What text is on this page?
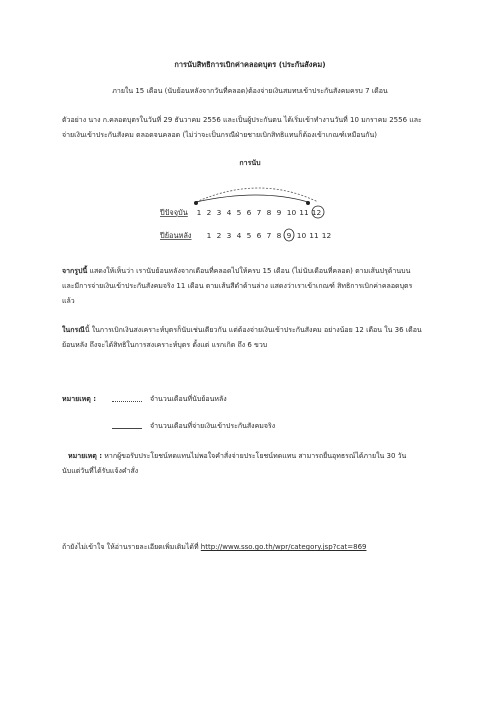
การนับสิทธิการเบิกค่าคลอดบุตร (ประกันสังคม)
ภายใน 15 เดือน (นับย้อนหลังจากวันที่คลอด)ต้องจ่ายเงินสมทบเข้าประกันสังคมครบ 7 เดือน
ตัวอย่าง นาง ก.คลอดบุตรในวันที่ 29 ธันวาคม 2556 และเป็นผู้ประกันตน ได้เริ่มเข้าทำงานวันที่ 10 มกราคม 2556 และ
จ่ายเงินเข้าประกันสังคม ตลอดจนคลอด (ไม่ว่าจะเป็นกรณีฝ่ายชายเบิกสิทธิแทนก็ต้องเข้าเกณฑ์เหมือนกัน)
การนับ
ปีปัจจุบัน 1 2 3 4 5 6 7 8 9 10 11 12
ปีย้อนหลัง 1 2 3 4 5 6 7 8 9 10 11 12
จากรูปนี้ แสดงให้เห็นว่า เรานับย้อนหลังจากเดือนที่คลอดไปให้ครบ 15 เดือน (ไม่นับเดือนที่คลอด) ตามเส้นปรุด้านบน
และมีการจ่ายเงินเข้าประกันสังคมจริง 11 เดือน ตามเส้นสีดำด้านล่าง แสดงว่าเราเข้าเกณฑ์ สิทธิการเบิกค่าคลอดบุตร
แล้ว
ในกรณีนี้ ในการเบิกเงินสงเคราะห์บุตรก็นับเช่นเดียวกัน แต่ต้องจ่ายเงินเข้าประกันสังคม อย่างน้อย 12 เดือน ใน 36 เดือน
ย้อนหลัง ถึงจะได้สิทธิในการสงเคราะห์บุตร ตั้งแต่ แรกเกิด ถึง 6 ขวบ
หมายเหตุ :	จำนวนเดือนที่นับย้อนหลัง
จำนวนเดือนที่จ่ายเงินเข้าประกันสังคมจริง
หมายเหตุ : หากผู้ขอรับประโยชน์ทดแทนไม่พอใจคำสั่งจ่ายประโยชน์ทดแทน สามารถยื่นอุทธรณ์ได้ภายใน 30 วัน
นับแต่วันที่ได้รับแจ้งคำสั่ง
ถ้ายังไม่เข้าใจ ให้อ่านรายละเอียดเพิ่มเติมได้ที่ http://www.sso.go.th/wpr/category.jsp?cat=869
